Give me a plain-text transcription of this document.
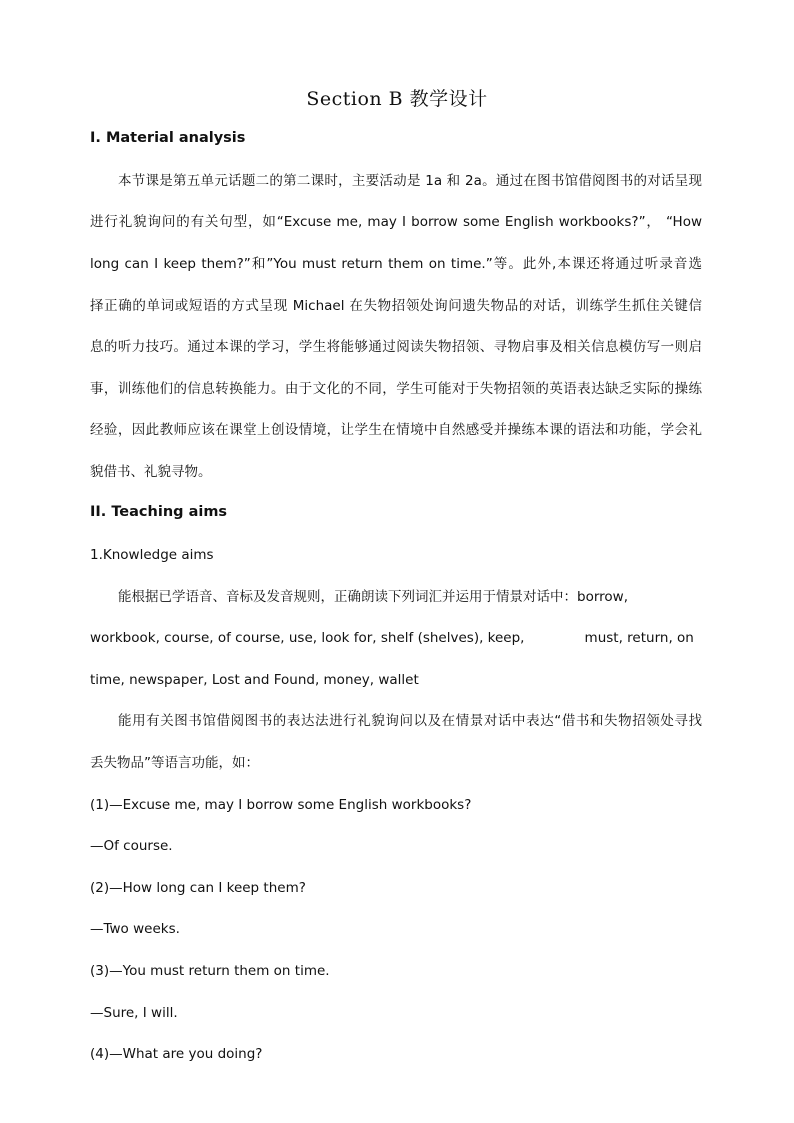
Section B 教学设计
I. Material analysis
本节课是第五单元话题二的第二课时，主要活动是 1a 和 2a。通过在图书馆借阅图书的对话呈现
进行礼貌询问的有关句型，如“Excuse me, may I borrow some English workbooks?”， “How
long can I keep them?”和”You must return them on time.”等。此外,本课还将通过听录音选
择正确的单词或短语的方式呈现 Michael 在失物招领处询问遗失物品的对话，训练学生抓住关键信
息的听力技巧。通过本课的学习，学生将能够通过阅读失物招领、寻物启事及相关信息模仿写一则启
事，训练他们的信息转换能力。由于文化的不同，学生可能对于失物招领的英语表达缺乏实际的操练
经验，因此教师应该在课堂上创设情境，让学生在情境中自然感受并操练本课的语法和功能，学会礼
貌借书、礼貌寻物。
II. Teaching aims
1.Knowledge aims
能根据已学语音、音标及发音规则，正确朗读下列词汇并运用于情景对话中：borrow,
workbook, course, of course, use, look for, shelf (shelves), keep,              must, return, on
time, newspaper, Lost and Found, money, wallet
能用有关图书馆借阅图书的表达法进行礼貌询问以及在情景对话中表达“借书和失物招领处寻找
丢失物品”等语言功能，如：
(1)—Excuse me, may I borrow some English workbooks?
—Of course.
(2)—How long can I keep them?
—Two weeks.
(3)—You must return them on time.
—Sure, I will.
(4)—What are you doing?
